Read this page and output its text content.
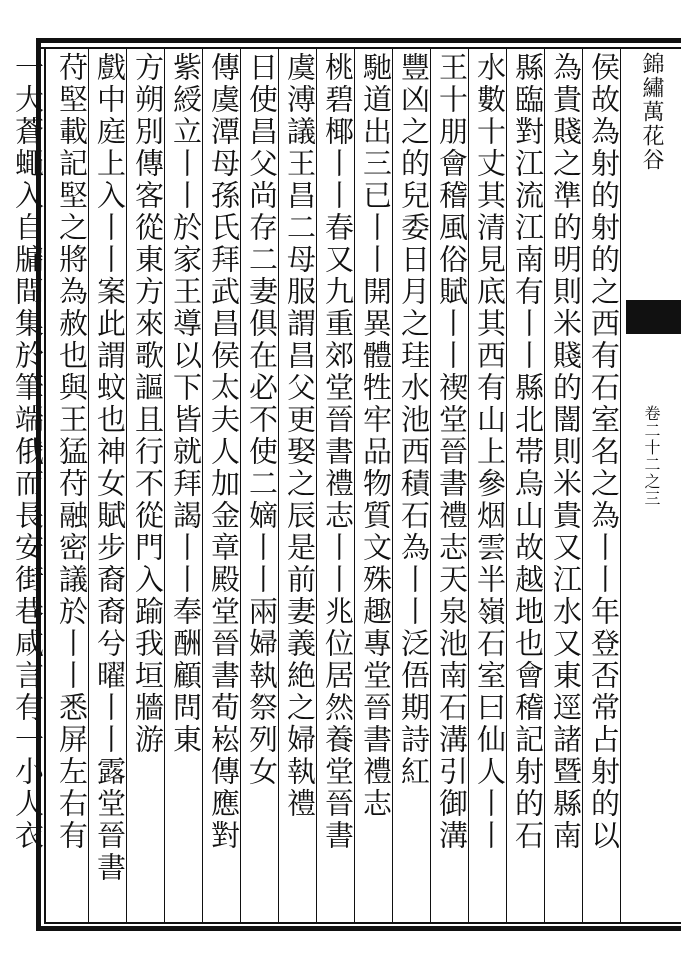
錦繡萬花谷
卷二十二之三
侯故為射的射的之西有石室名之為丨丨年登否常占射的以
為貴賤之準的明則米賤的闇則米貴又江水又東逕諸暨縣南
縣臨對江流江南有丨丨縣北帯烏山故越地也會稽記射的石
水數十丈其清見底其西有山上參烟雲半嶺石室曰仙人丨丨
王十朋會稽風俗賦丨丨禊堂晉書禮志天泉池南石溝引御溝
豐凶之的兒委日月之珪水池西積石為丨丨泛俉期詩紅
馳道出三已丨丨開異體牲牢品物質文殊趣專堂晉書禮志
桃碧椰丨丨春又九重郊堂晉書禮志丨丨兆位居然養堂晉書
虞溥議王昌二母服謂昌父更娶之辰是前妻義絶之婦執禮
日使昌父尚存二妻俱在必不使二嫡丨丨兩婦執祭列女
傳虞潭母孫氏拜武昌侯太夫人加金章殿堂晉書荀崧傳應對
紫綬立丨丨於家王導以下皆就拜謁丨丨奉酬顧問東
方朔別傳客從東方來歌謳且行不從門入踰我垣牆游
戲中庭上入丨丨案此謂蚊也神女賦步裔裔兮曜丨丨露堂晉書
苻堅載記堅之將為赦也與王猛苻融密議於丨丨悉屏左右有
一大蒼蠅入自牖間集於筆端俄而長安街巷咸言有一小人衣
